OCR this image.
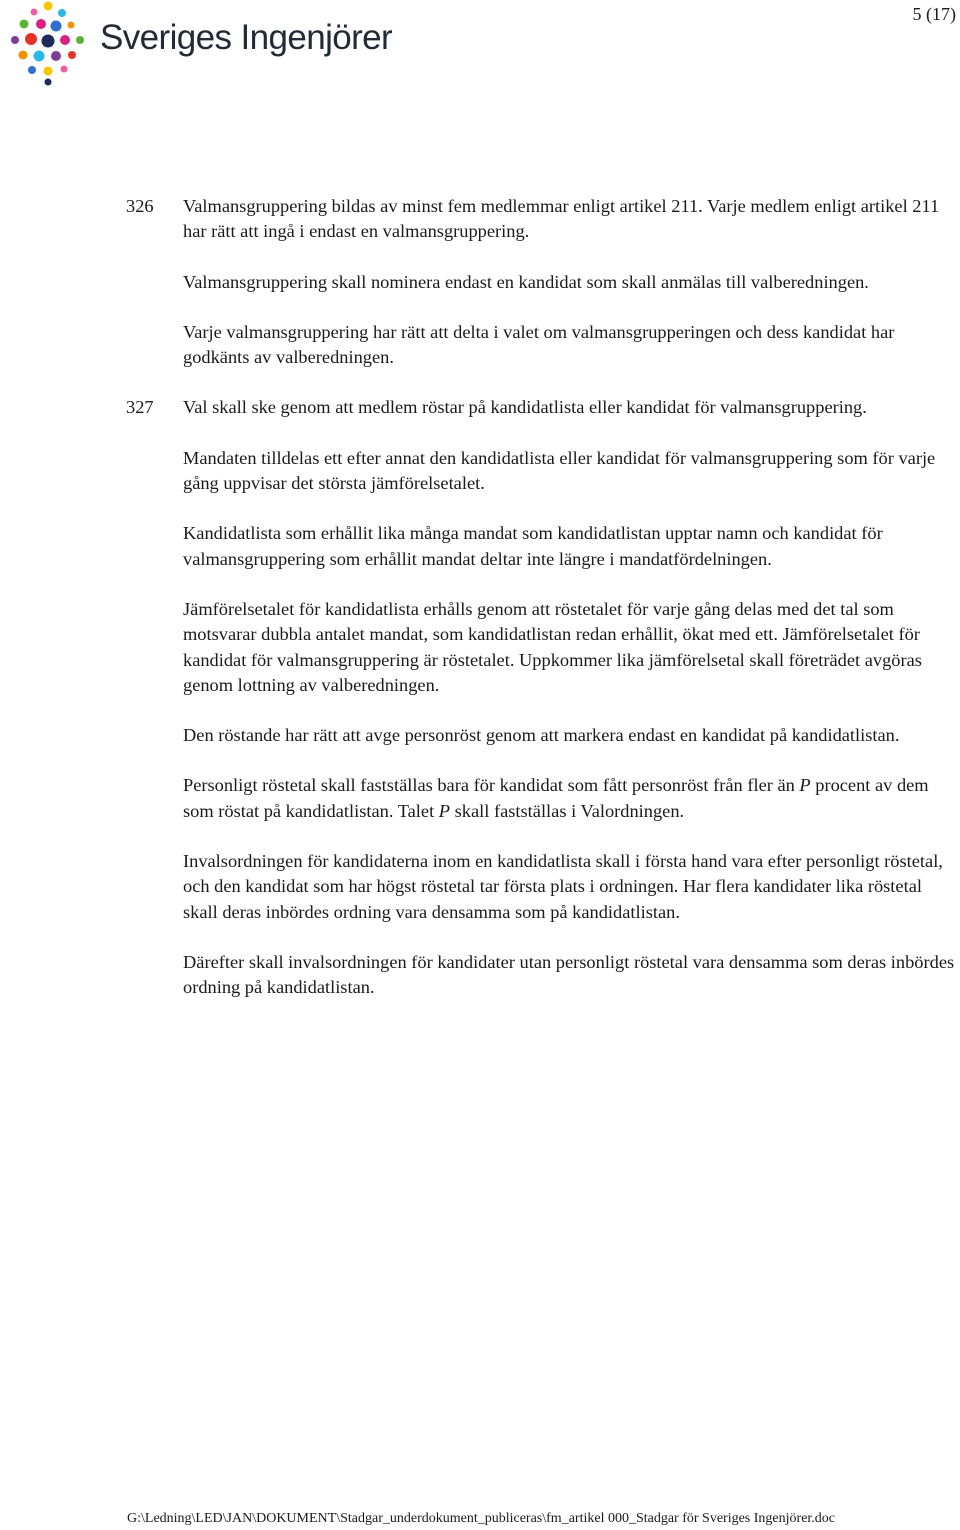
Sveriges Ingenjörer
5 (17)
326 Valmansgruppering bildas av minst fem medlemmar enligt artikel 211. Varje medlem enligt artikel 211 har rätt att ingå i endast en valmansgruppering.
Valmansgruppering skall nominera endast en kandidat som skall anmälas till valberedningen.
Varje valmansgruppering har rätt att delta i valet om valmansgrupperingen och dess kandidat har godkänts av valberedningen.
327 Val skall ske genom att medlem röstar på kandidatlista eller kandidat för valmansgruppering.
Mandaten tilldelas ett efter annat den kandidatlista eller kandidat för valmansgruppering som för varje gång uppvisar det största jämförelsetalet.
Kandidatlista som erhållit lika många mandat som kandidatlistan upptar namn och kandidat för valmansgruppering som erhållit mandat deltar inte längre i mandatfördelningen.
Jämförelsetalet för kandidatlista erhålls genom att röstetalet för varje gång delas med det tal som motsvarar dubbla antalet mandat, som kandidatlistan redan erhållit, ökat med ett. Jämförelsetalet för kandidat för valmansgruppering är röstetalet. Uppkommer lika jämförelsetal skall företrädet avgöras genom lottning av valberedningen.
Den röstande har rätt att avge personröst genom att markera endast en kandidat på kandidatlistan.
Personligt röstetal skall fastställas bara för kandidat som fått personröst från fler än P procent av dem som röstat på kandidatlistan. Talet P skall fastställas i Valordningen.
Invalsordningen för kandidaterna inom en kandidatlista skall i första hand vara efter personligt röstetal, och den kandidat som har högst röstetal tar första plats i ordningen. Har flera kandidater lika röstetal skall deras inbördes ordning vara densamma som på kandidatlistan.
Därefter skall invalsordningen för kandidater utan personligt röstetal vara densamma som deras inbördes ordning på kandidatlistan.
G:\Ledning\LED\JAN\DOKUMENT\Stadgar_underdokument_publiceras\fm_artikel 000_Stadgar för Sveriges Ingenjörer.doc
